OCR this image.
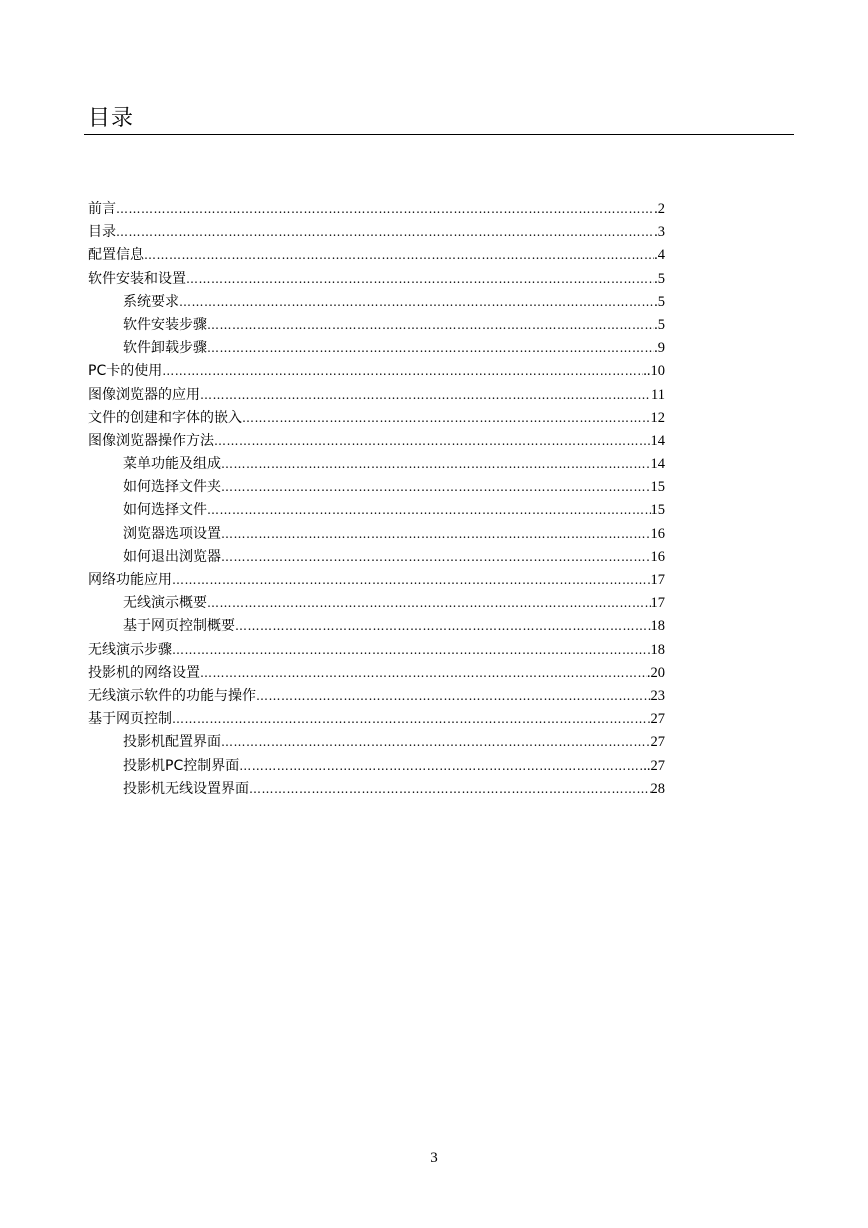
目录
前言 ………………………………………………………………………………………………………………………………………	.2
目录 ………………………………………………………………………………………………………………………………………	.3
配置信息 ………………………………………………………………………………………………………………………………………	.4
软件安装和设置 ………………………………………………………………………………………………………………………………………	.5
系统要求 ………………………………………………………………………………………………………………………………………	.5
软件安装步骤 ………………………………………………………………………………………………………………………………………	.5
软件卸载步骤 ………………………………………………………………………………………………………………………………………	.9
PC卡的使用 ………………………………………………………………………………………………………………………………………	..10
图像浏览器的应用 ………………………………………………………………………………………………………………………………………	11
文件的创建和字体的嵌入 ………………………………………………………………………………………………………………………………………	12
图像浏览器操作方法 ………………………………………………………………………………………………………………………………………	14
菜单功能及组成 ………………………………………………………………………………………………………………………………………	14
如何选择文件夹 ………………………………………………………………………………………………………………………………………	15
如何选择文件 ………………………………………………………………………………………………………………………………………	15
浏览器选项设置 ………………………………………………………………………………………………………………………………………	16
如何退出浏览器 ………………………………………………………………………………………………………………………………………	16
网络功能应用 ………………………………………………………………………………………………………………………………………	17
无线演示概要 ………………………………………………………………………………………………………………………………………	17
基于网页控制概要 ………………………………………………………………………………………………………………………………………	18
无线演示步骤 ………………………………………………………………………………………………………………………………………	18
投影机的网络设置 ………………………………………………………………………………………………………………………………………	.20
无线演示软件的功能与操作 ………………………………………………………………………………………………………………………………………	23
基于网页控制 ………………………………………………………………………………………………………………………………………	27
投影机配置界面 ………………………………………………………………………………………………………………………………………	27
投影机PC控制界面 ………………………………………………………………………………………………………………………………………	..27
投影机无线设置界面 ………………………………………………………………………………………………………………………………………	28
3
